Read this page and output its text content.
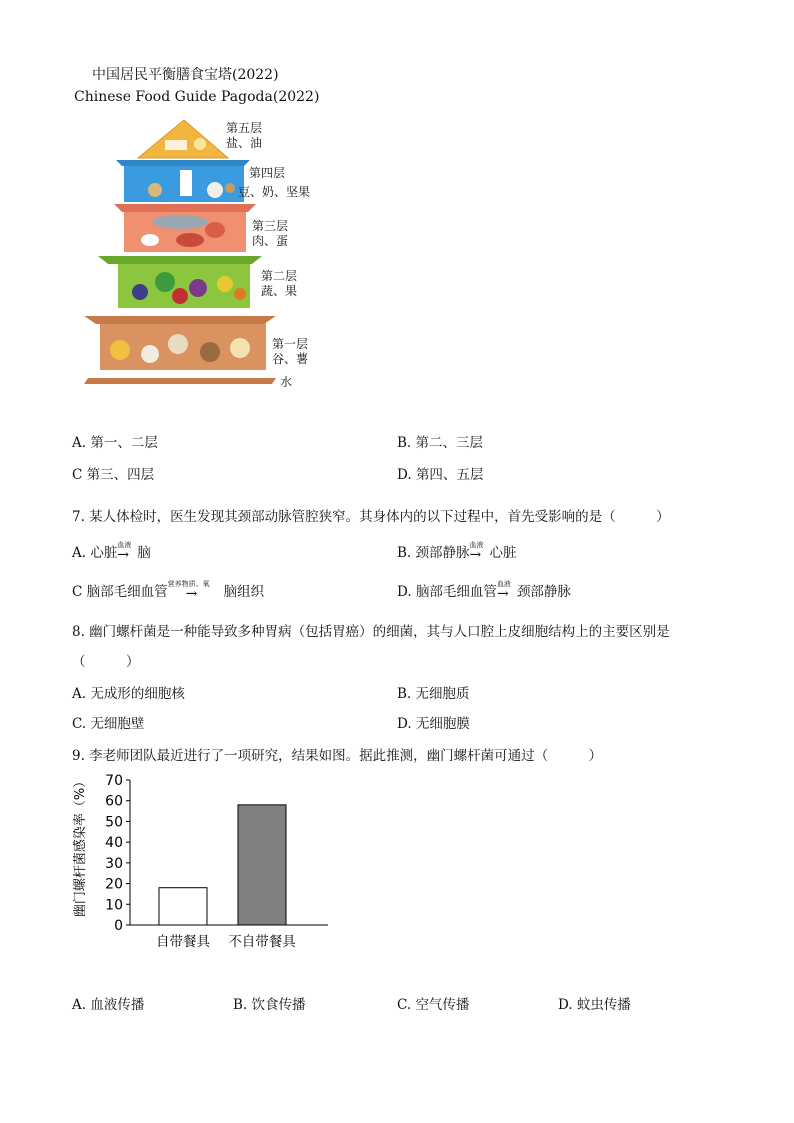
中国居民平衡膳食宝塔(2022)
Chinese Food Guide Pagoda(2022)
第五层
盐、油
第四层
豆、奶、坚果
第三层
肉、蛋
第二层
蔬、果
第一层
谷、薯
水
A. 第一、二层	B. 第二、三层
C 第三、四层	D. 第四、五层
7. 某人体检时，医生发现其颈部动脉管腔狭窄。其身体内的以下过程中，首先受影响的是（　　　）
A. 心脏
血液
→ 脑	B. 颈部静脉
血液
→ 心脏
C 脑部毛细血管
营养物质、氧
→ 脑组织	D. 脑部毛细血管
血液
→ 颈部静脉
8. 幽门螺杆菌是一种能导致多种胃病（包括胃癌）的细菌，其与人口腔上皮细胞结构上的主要区别是
（　　　）
A. 无成形的细胞核	B. 无细胞质
C. 无细胞壁	D. 无细胞膜
9. 李老师团队最近进行了一项研究，结果如图。据此推测，幽门螺杆菌可通过（　　　）
幽门螺杆菌感染率（%）
0
10
20
30
40
50
60
70
自带餐具 不自带餐具
A. 血液传播	B. 饮食传播	C. 空气传播	D. 蚊虫传播
